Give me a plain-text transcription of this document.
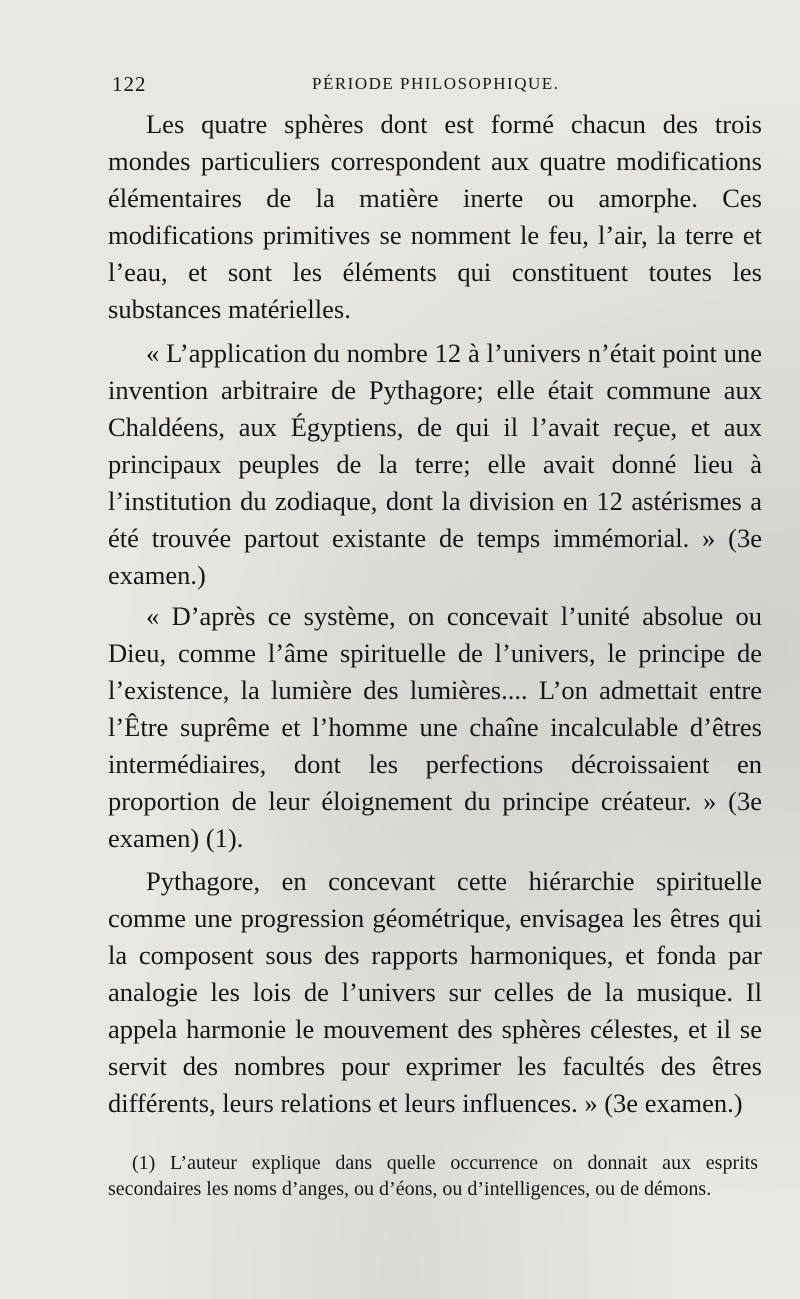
122	PÉRIODE PHILOSOPHIQUE.

Les quatre sphères dont est formé chacun des trois mondes particuliers correspondent aux quatre modifications élémentaires de la matière inerte ou amorphe. Ces modifications primitives se nomment le feu, l’air, la terre et l’eau, et sont les éléments qui constituent toutes les substances matérielles.

« L’application du nombre 12 à l’univers n’était point une invention arbitraire de Pythagore; elle était commune aux Chaldéens, aux Égyptiens, de qui il l’avait reçue, et aux principaux peuples de la terre; elle avait donné lieu à l’institution du zodiaque, dont la division en 12 astérismes a été trouvée partout existante de temps immémorial. » (3e examen.)

« D’après ce système, on concevait l’unité absolue ou Dieu, comme l’âme spirituelle de l’univers, le principe de l’existence, la lumière des lumières.... L’on admettait entre l’Être suprême et l’homme une chaîne incalculable d’êtres intermédiaires, dont les perfections décroissaient en proportion de leur éloignement du principe créateur. » (3e examen) (1).

Pythagore, en concevant cette hiérarchie spirituelle comme une progression géométrique, envisagea les êtres qui la composent sous des rapports harmoniques, et fonda par analogie les lois de l’univers sur celles de la musique. Il appela harmonie le mouvement des sphères célestes, et il se servit des nombres pour exprimer les facultés des êtres différents, leurs relations et leurs influences. » (3e examen.)

(1) L’auteur explique dans quelle occurrence on donnait aux esprits secondaires les noms d’anges, ou d’éons, ou d’intelligences, ou de démons.
